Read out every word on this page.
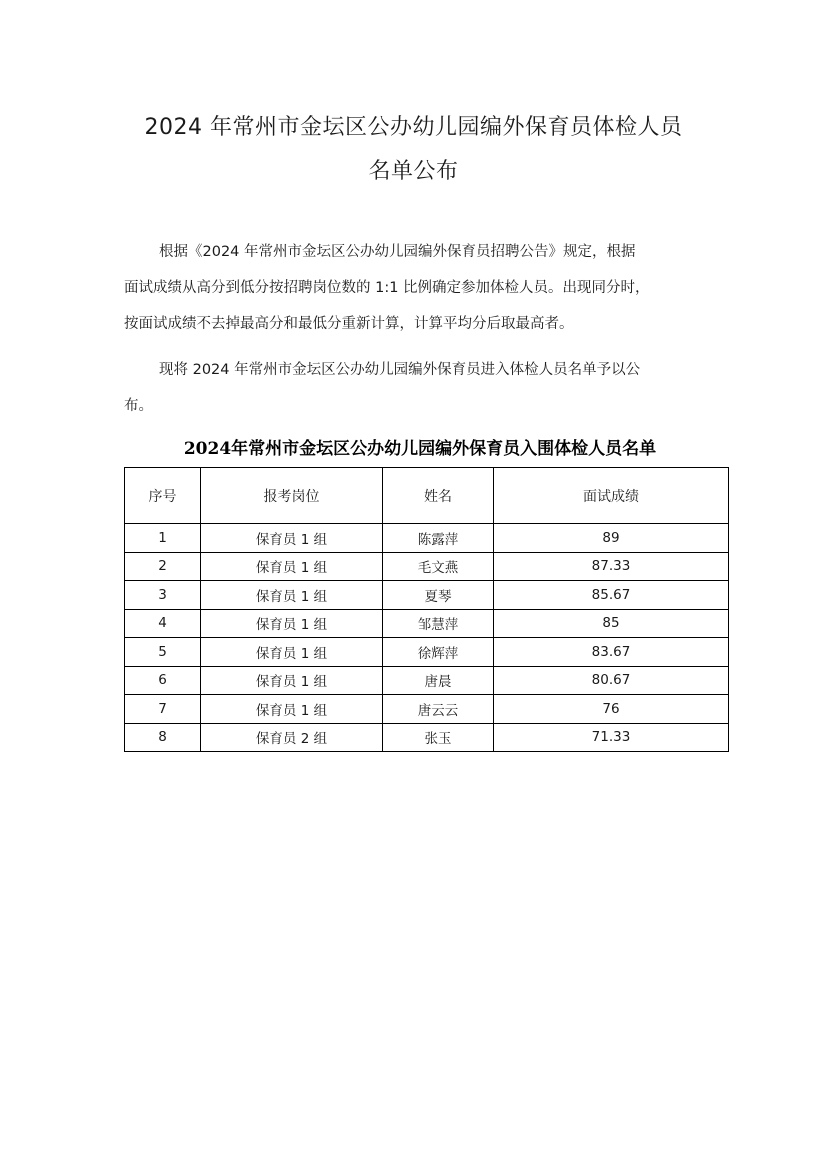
2024 年常州市金坛区公办幼儿园编外保育员体检人员
名单公布
根据《2024 年常州市金坛区公办幼儿园编外保育员招聘公告》规定，根据
面试成绩从高分到低分按招聘岗位数的 1:1 比例确定参加体检人员。出现同分时，
按面试成绩不去掉最高分和最低分重新计算，计算平均分后取最高者。
现将 2024 年常州市金坛区公办幼儿园编外保育员进入体检人员名单予以公
布。
2024年常州市金坛区公办幼儿园编外保育员入围体检人员名单
序号	报考岗位	姓名	面试成绩
1	保育员 1 组	陈露萍	89
2	保育员 1 组	毛文燕	87.33
3	保育员 1 组	夏琴	85.67
4	保育员 1 组	邹慧萍	85
5	保育员 1 组	徐辉萍	83.67
6	保育员 1 组	唐晨	80.67
7	保育员 1 组	唐云云	76
8	保育员 2 组	张玉	71.33
